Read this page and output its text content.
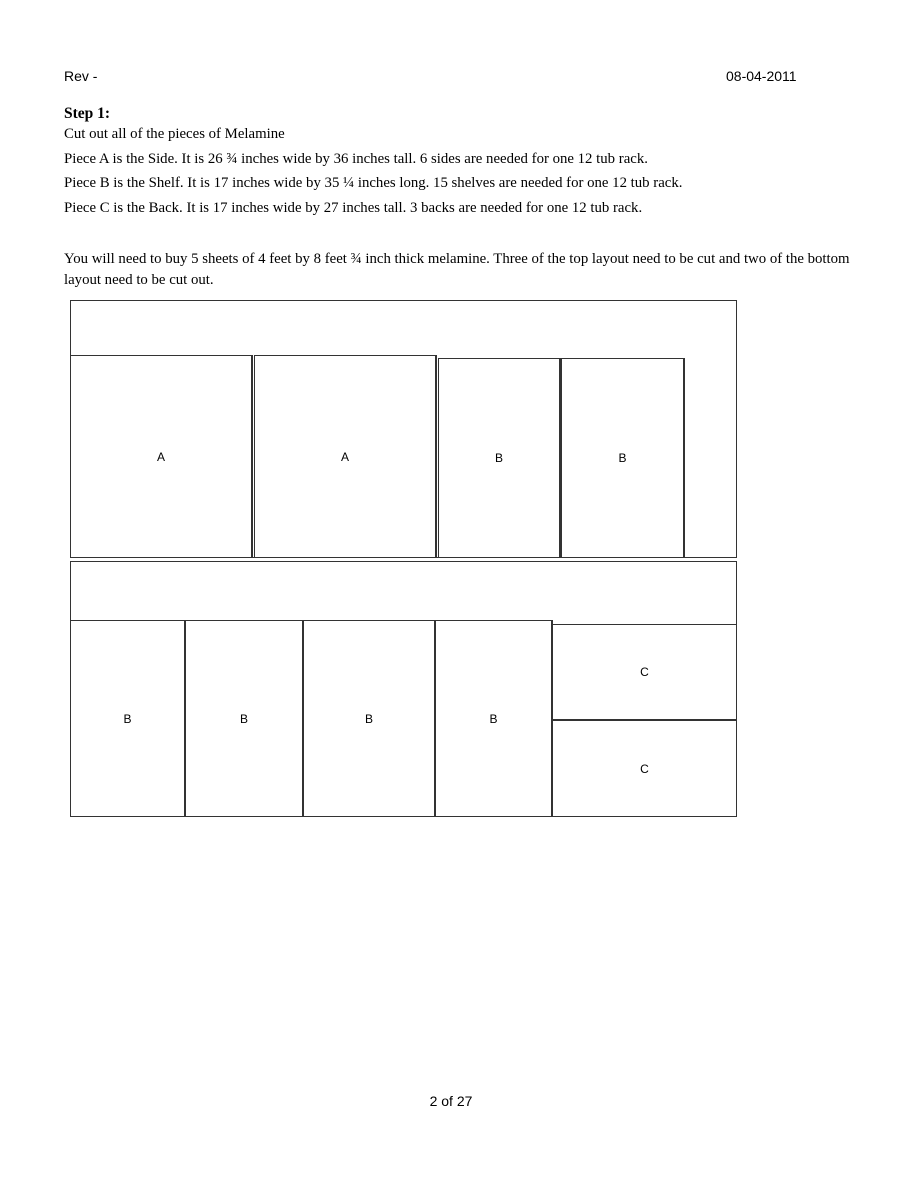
Rev -	08-04-2011
Step 1:
Cut out all of the pieces of Melamine
Piece A is the Side. It is 26 ¾ inches wide by 36 inches tall. 6 sides are needed for one 12 tub rack.
Piece B is the Shelf. It is 17 inches wide by 35 ¼ inches long. 15 shelves are needed for one 12 tub rack.
Piece C is the Back. It is 17 inches wide by 27 inches tall. 3 backs are needed for one 12 tub rack.
You will need to buy 5 sheets of 4 feet by 8 feet ¾ inch thick melamine. Three of the top layout need to be cut and two of the bottom layout need to be cut out.
A	A	B	B
B	B	B	B
C
C
2 of 27
